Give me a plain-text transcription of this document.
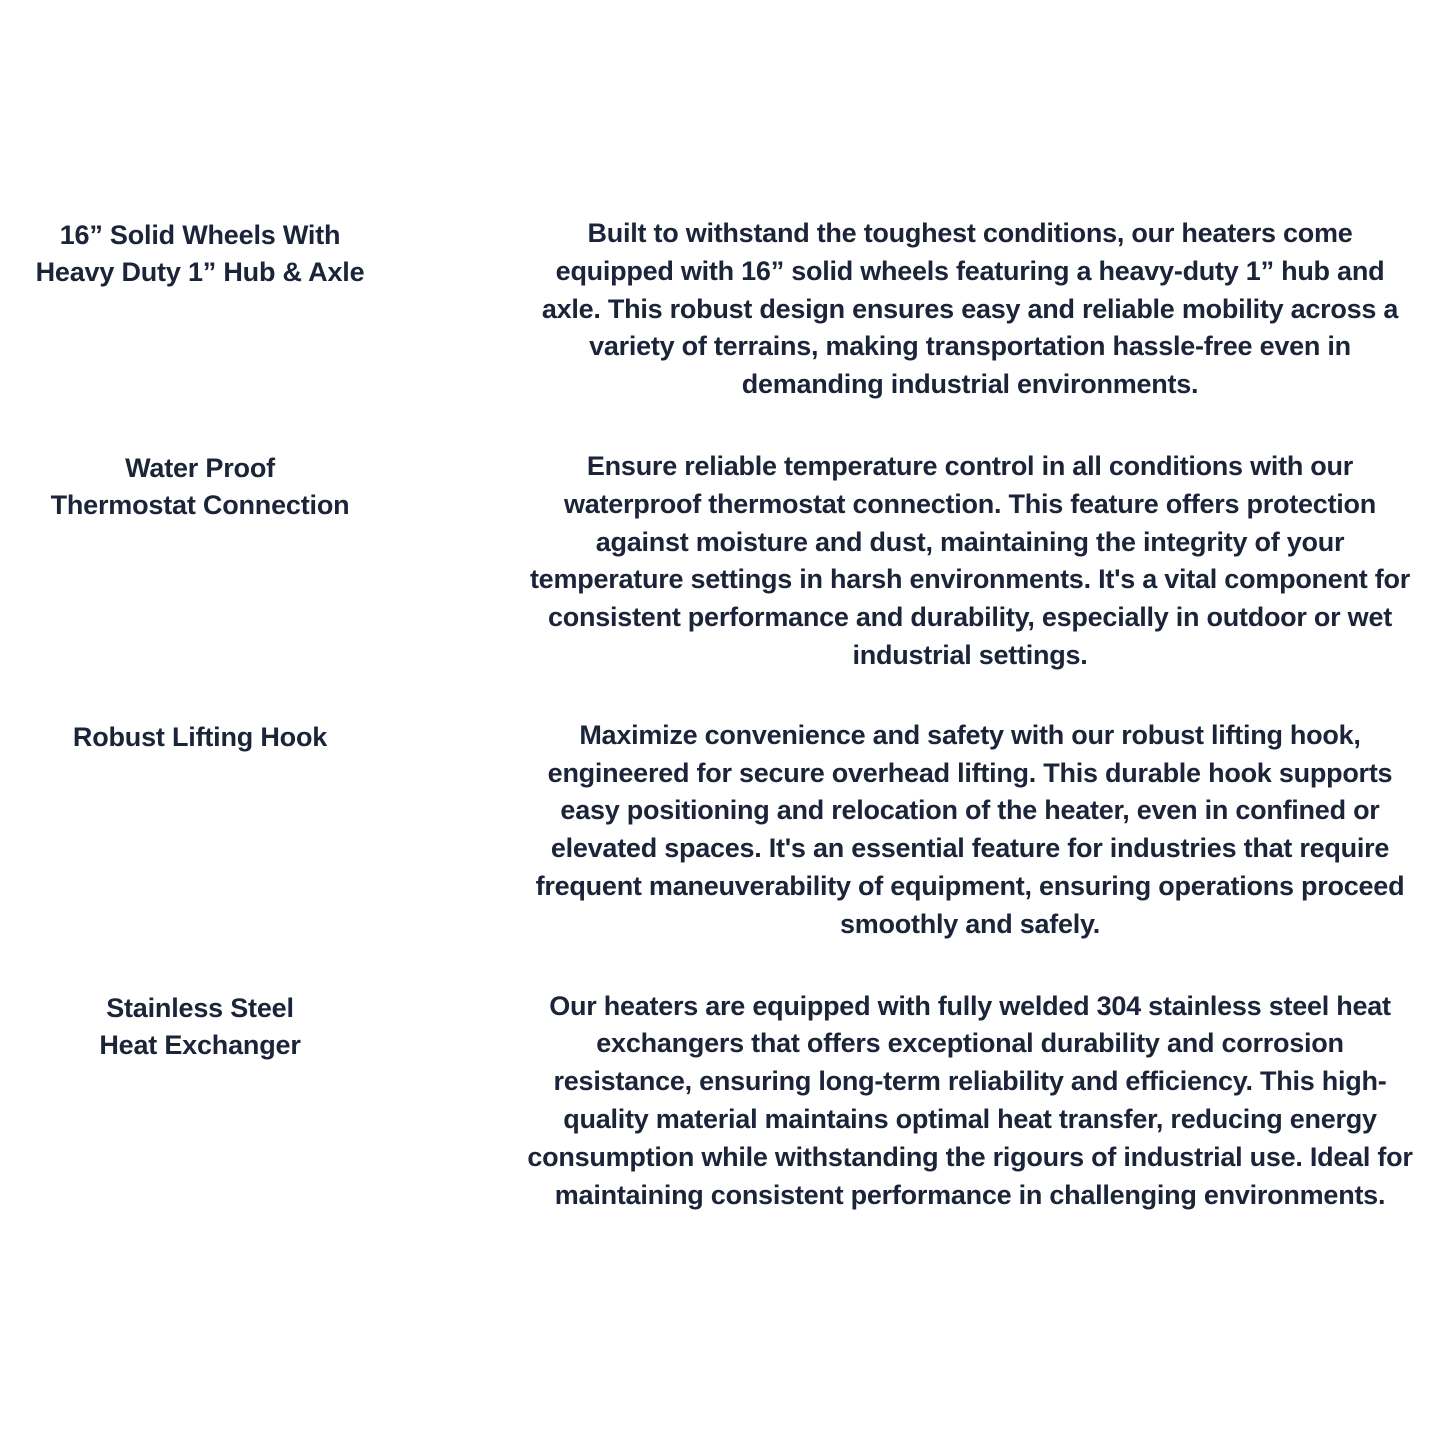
16” Solid Wheels With
Heavy Duty 1” Hub & Axle
Built to withstand the toughest conditions, our heaters come equipped with 16” solid wheels featuring a heavy-duty 1” hub and axle. This robust design ensures easy and reliable mobility across a variety of terrains, making transportation hassle-free even in demanding industrial environments.
Water Proof
Thermostat Connection
Ensure reliable temperature control in all conditions with our waterproof thermostat connection. This feature offers protection against moisture and dust, maintaining the integrity of your temperature settings in harsh environments. It's a vital component for consistent performance and durability, especially in outdoor or wet industrial settings.
Robust Lifting Hook	Maximize convenience and safety with our robust lifting hook, engineered for secure overhead lifting. This durable hook supports easy positioning and relocation of the heater, even in confined or elevated spaces. It's an essential feature for industries that require frequent maneuverability of equipment, ensuring operations proceed smoothly and safely.
Stainless Steel
Heat Exchanger
Our heaters are equipped with fully welded 304 stainless steel heat exchangers that offers exceptional durability and corrosion resistance, ensuring long-term reliability and efficiency. This high-quality material maintains optimal heat transfer, reducing energy consumption while withstanding the rigours of industrial use. Ideal for maintaining consistent performance in challenging environments.
